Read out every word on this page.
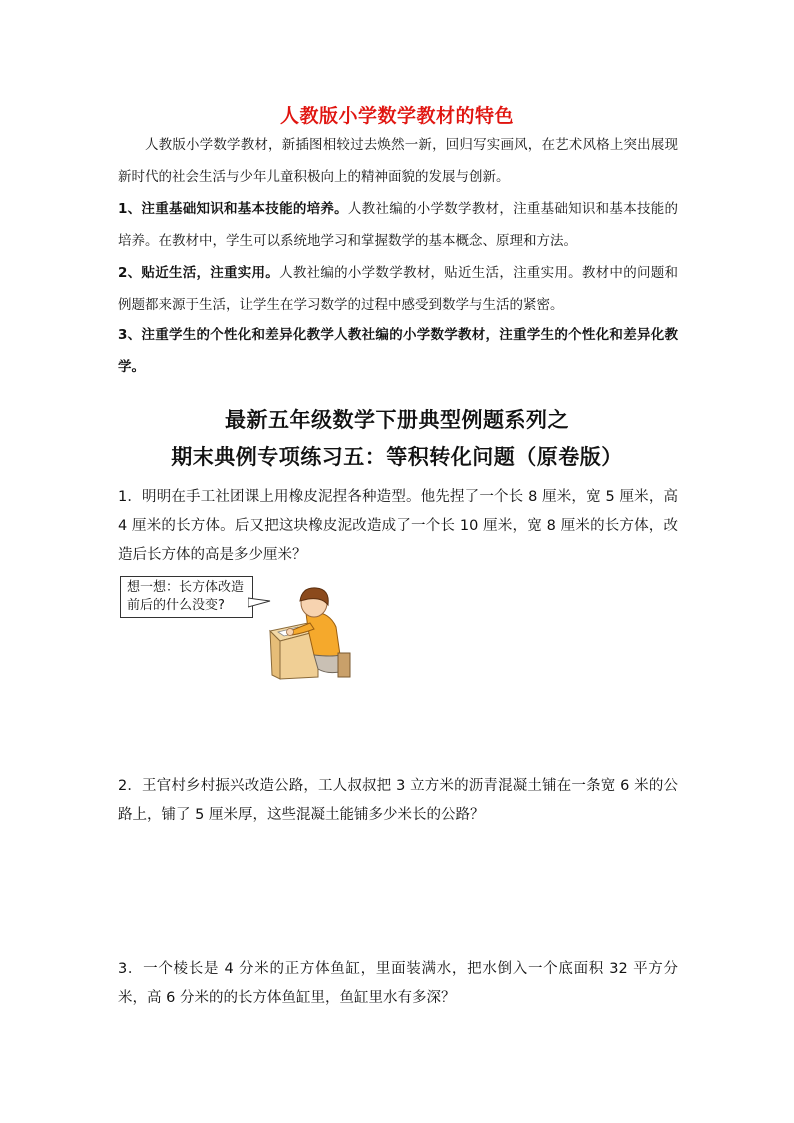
人教版小学数学教材的特色
人教版小学数学教材，新插图相较过去焕然一新，回归写实画风，在艺术风格上突出展现新时代的社会生活与少年儿童积极向上的精神面貌的发展与创新。
1、注重基础知识和基本技能的培养。人教社编的小学数学教材，注重基础知识和基本技能的培养。在教材中，学生可以系统地学习和掌握数学的基本概念、原理和方法。
2、贴近生活，注重实用。人教社编的小学数学教材，贴近生活，注重实用。教材中的问题和例题都来源于生活，让学生在学习数学的过程中感受到数学与生活的紧密。
3、注重学生的个性化和差异化教学人教社编的小学数学教材，注重学生的个性化和差异化教学。
最新五年级数学下册典型例题系列之
期末典例专项练习五：等积转化问题（原卷版）
1．明明在手工社团课上用橡皮泥捏各种造型。他先捏了一个长 8 厘米，宽 5 厘米，高 4 厘米的长方体。后又把这块橡皮泥改造成了一个长 10 厘米，宽 8 厘米的长方体，改造后长方体的高是多少厘米？
想一想：长方体改造
前后的什么没变?
2．王官村乡村振兴改造公路，工人叔叔把 3 立方米的沥青混凝土铺在一条宽 6 米的公路上，铺了 5 厘米厚，这些混凝土能铺多少米长的公路？
3．一个棱长是 4 分米的正方体鱼缸，里面装满水，把水倒入一个底面积 32 平方分米，高 6 分米的的长方体鱼缸里，鱼缸里水有多深？
